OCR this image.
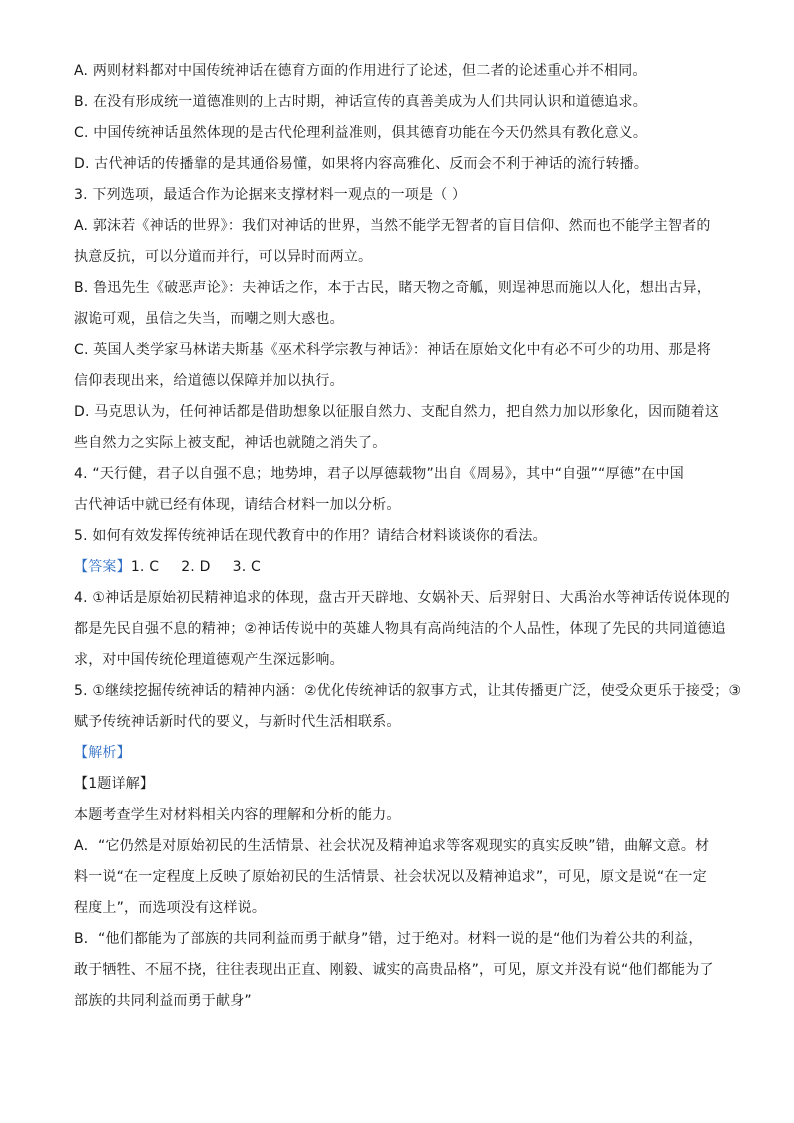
A. 两则材料都对中国传统神话在德育方面的作用进行了论述，但二者的论述重心并不相同。
B. 在没有形成统一道德准则的上古时期，神话宣传的真善美成为人们共同认识和道德追求。
C. 中国传统神话虽然体现的是古代伦理利益准则，俱其德育功能在今天仍然具有教化意义。
D. 古代神话的传播靠的是其通俗易懂，如果将内容高雅化、反而会不利于神话的流行转播。
3. 下列选项，最适合作为论据来支撑材料一观点的一项是（ ）
A. 郭沫若《神话的世界》：我们对神话的世界，当然不能学无智者的盲目信仰、然而也不能学主智者的
执意反抗，可以分道而并行，可以异时而两立。
B. 鲁迅先生《破恶声论》：夫神话之作，本于古民，睹天物之奇觚，则逞神思而施以人化，想出古异，
淑诡可观，虽信之失当，而嘲之则大惑也。
C. 英国人类学家马林诺夫斯基《巫术科学宗教与神话》：神话在原始文化中有必不可少的功用、那是将
信仰表现出来，给道德以保障并加以执行。
D. 马克思认为，任何神话都是借助想象以征服自然力、支配自然力，把自然力加以形象化，因而随着这
些自然力之实际上被支配，神话也就随之消失了。
4. “天行健，君子以自强不息；地势坤，君子以厚德载物”出自《周易》，其中“自强”“厚德”在中国
古代神话中就已经有体现，请结合材料一加以分析。
5. 如何有效发挥传统神话在现代教育中的作用？请结合材料谈谈你的看法。
【答案】1. C 2. D 3. C
4. ①神话是原始初民精神追求的体现，盘古开天辟地、女娲补天、后羿射日、大禹治水等神话传说体现的
都是先民自强不息的精神；②神话传说中的英雄人物具有高尚纯洁的个人品性，体现了先民的共同道德追
求，对中国传统伦理道德观产生深远影响。
5. ①继续挖掘传统神话的精神内涵：②优化传统神话的叙事方式，让其传播更广泛，使受众更乐于接受；③
赋予传统神话新时代的要义，与新时代生活相联系。
【解析】
【1题详解】
本题考查学生对材料相关内容的理解和分析的能力。
A．“它仍然是对原始初民的生活情景、社会状况及精神追求等客观现实的真实反映”错，曲解文意。材
料一说“在一定程度上反映了原始初民的生活情景、社会状况以及精神追求”，可见，原文是说“在一定
程度上”，而选项没有这样说。
B．“他们都能为了部族的共同利益而勇于献身”错，过于绝对。材料一说的是“他们为着公共的利益，
敢于牺牲、不屈不挠，往往表现出正直、刚毅、诚实的高贵品格”，可见，原文并没有说“他们都能为了
部族的共同利益而勇于献身”
